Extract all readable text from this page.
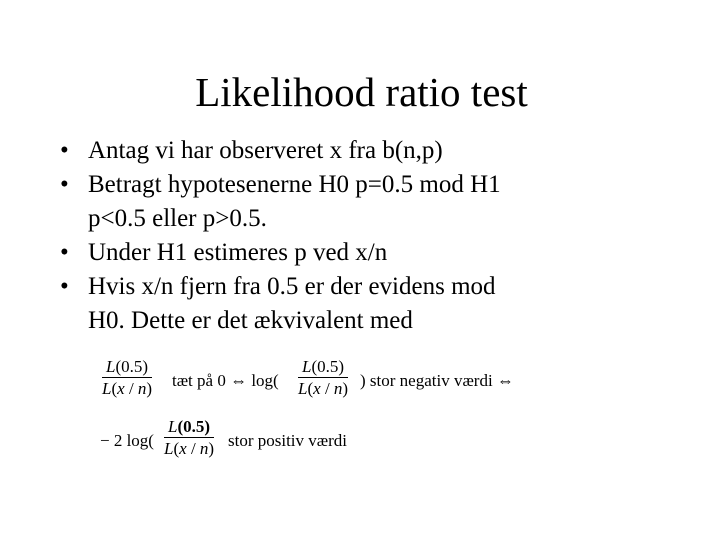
Likelihood ratio test
• Antag vi har observeret x fra b(n,p)
• Betragt hypotesenerne H0 p=0.5 mod H1
p<0.5 eller p>0.5.
• Under H1 estimeres p ved x/n
• Hvis x/n fjern fra 0.5 er der evidens mod
H0. Dette er det ækvivalent med
$\frac{L(0.5)}{L(x / n)}$ tæt på 0 ⇔ $\log( \frac{L(0.5)}{L(x / n)}$ ) stor negativ værdi ⇔
− 2 $\log( \frac{L(0.5)}{L(x / n)}$ stor positiv værdi
